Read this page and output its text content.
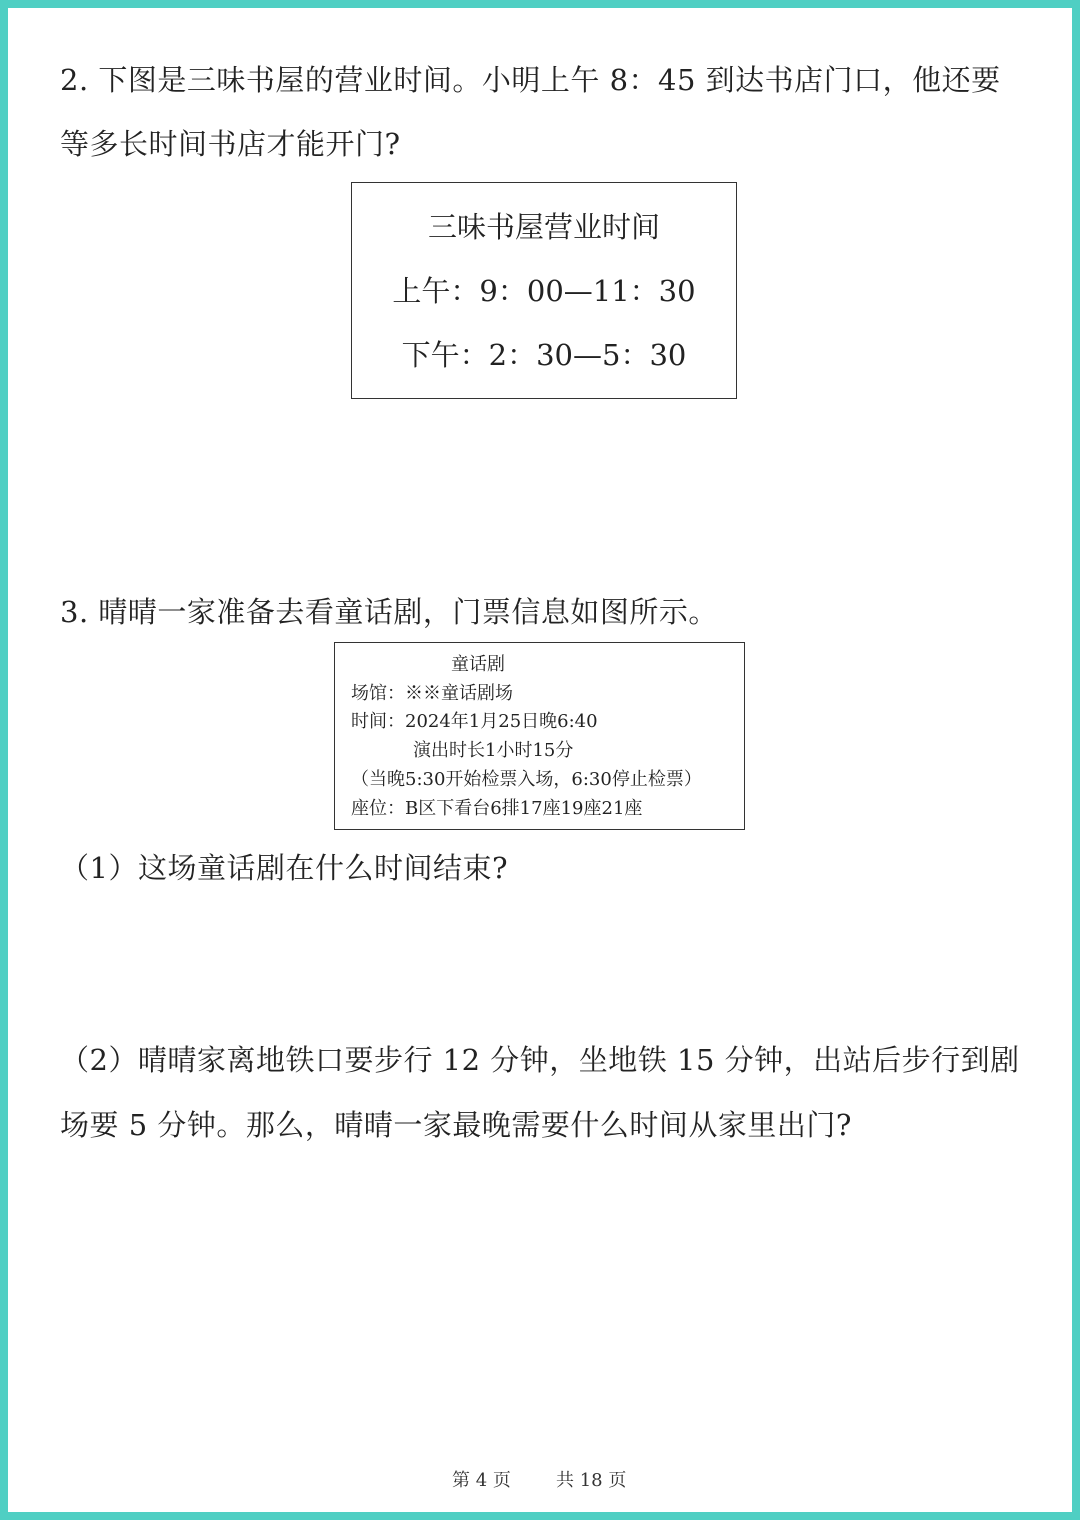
2. 下图是三味书屋的营业时间。小明上午 8：45 到达书店门口，他还要
等多长时间书店才能开门?
三味书屋营业时间
上午：9：00—11：30
下午：2：30—5：30
3. 晴晴一家准备去看童话剧，门票信息如图所示。
童话剧
场馆：※※童话剧场
时间：2024年1月25日晚6:40
演出时长1小时15分
（当晚5:30开始检票入场，6:30停止检票）
座位：B区下看台6排17座19座21座
（1）这场童话剧在什么时间结束?
（2）晴晴家离地铁口要步行 12 分钟，坐地铁 15 分钟，出站后步行到剧
场要 5 分钟。那么，晴晴一家最晚需要什么时间从家里出门?
第 4 页	共 18 页
